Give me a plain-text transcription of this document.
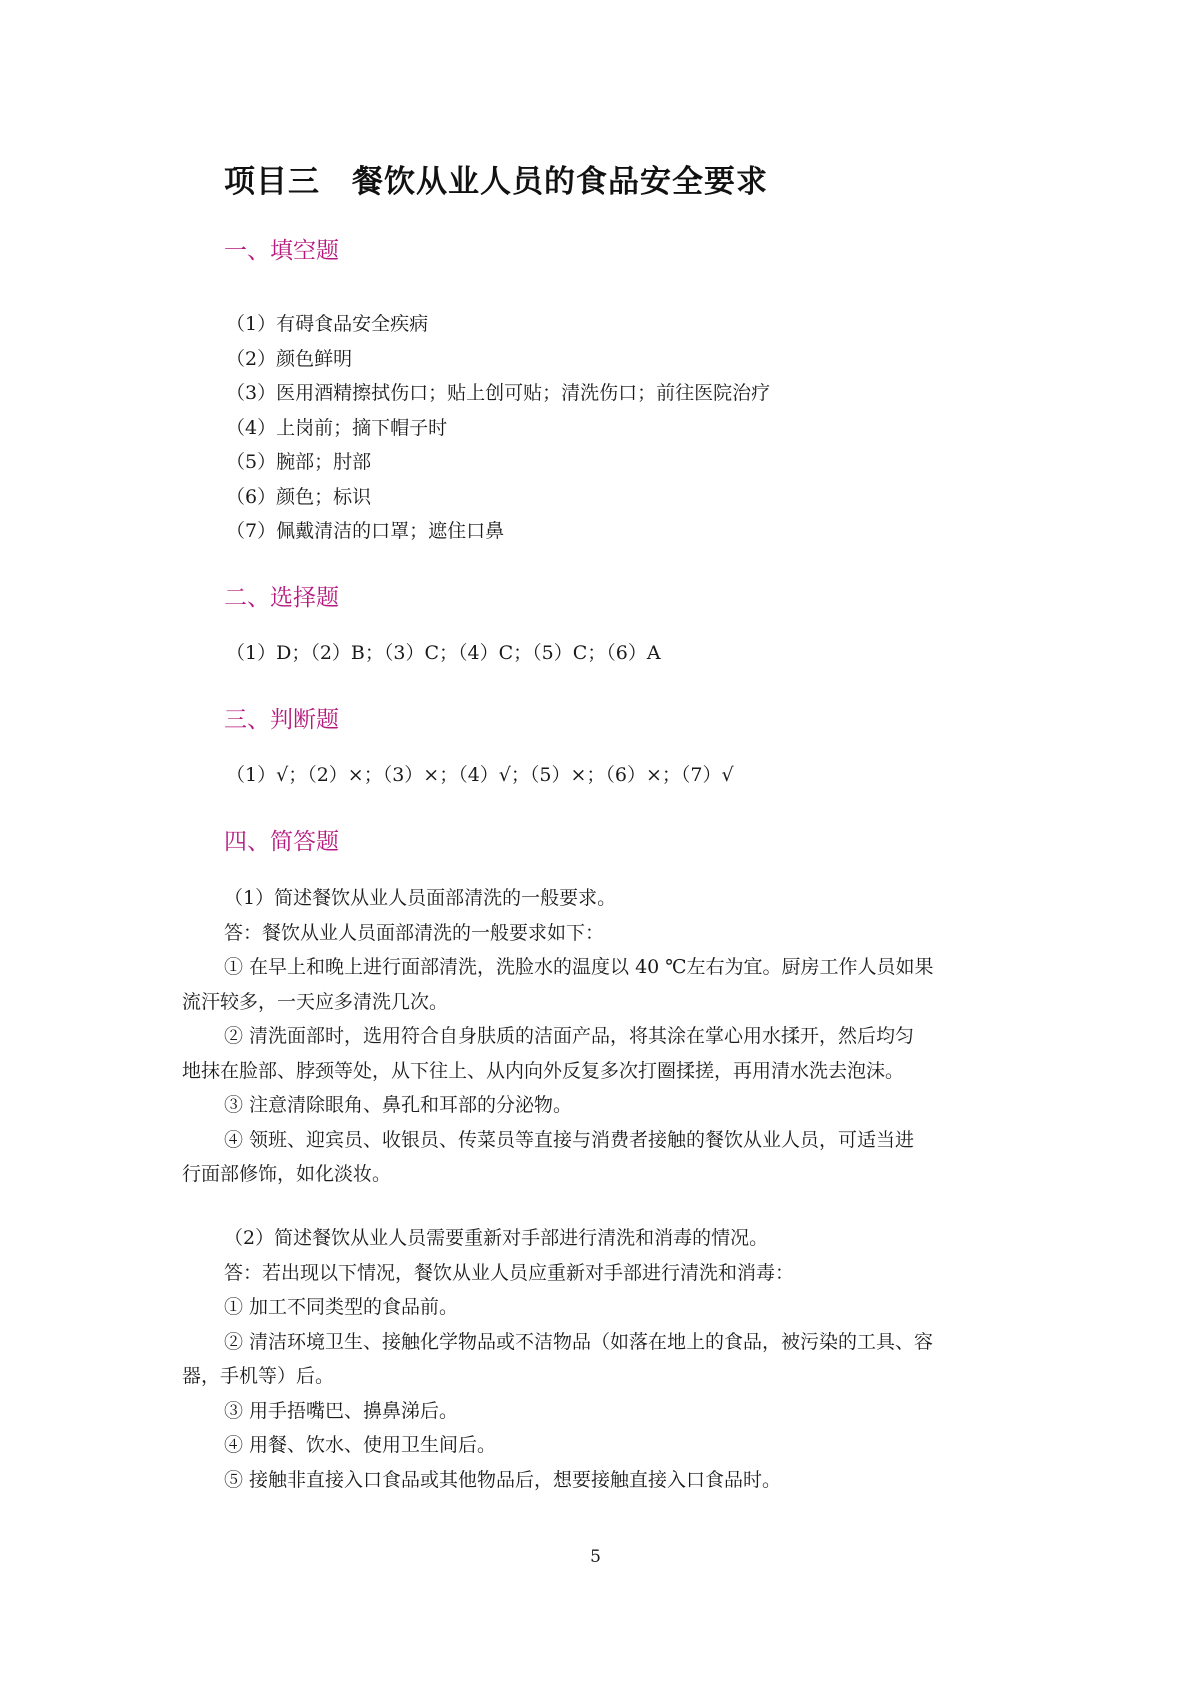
项目三　餐饮从业人员的食品安全要求
一、填空题

（1）有碍食品安全疾病

（2）颜色鲜明

（3）医用酒精擦拭伤口；贴上创可贴；清洗伤口；前往医院治疗

（4）上岗前；摘下帽子时

（5）腕部；肘部

（6）颜色；标识

（7）佩戴清洁的口罩；遮住口鼻

二、选择题

（1）D；（2）B；（3）C；（4）C；（5）C；（6）A

三、判断题

（1）√；（2）×；（3）×；（4）√；（5）×；（6）×；（7）√

四、简答题

（1）简述餐饮从业人员面部清洗的一般要求。

答：餐饮从业人员面部清洗的一般要求如下：

① 在早上和晚上进行面部清洗，洗脸水的温度以 40 ℃左右为宜。厨房工作人员如果

流汗较多，一天应多清洗几次。

② 清洗面部时，选用符合自身肤质的洁面产品，将其涂在掌心用水揉开，然后均匀

地抹在脸部、脖颈等处，从下往上、从内向外反复多次打圈揉搓，再用清水洗去泡沫。

③ 注意清除眼角、鼻孔和耳部的分泌物。

④ 领班、迎宾员、收银员、传菜员等直接与消费者接触的餐饮从业人员，可适当进

行面部修饰，如化淡妆。

（2）简述餐饮从业人员需要重新对手部进行清洗和消毒的情况。

答：若出现以下情况，餐饮从业人员应重新对手部进行清洗和消毒：

① 加工不同类型的食品前。

② 清洁环境卫生、接触化学物品或不洁物品（如落在地上的食品，被污染的工具、容

器，手机等）后。

③ 用手捂嘴巴、擤鼻涕后。

④ 用餐、饮水、使用卫生间后。

⑤ 接触非直接入口食品或其他物品后，想要接触直接入口食品时。

5
